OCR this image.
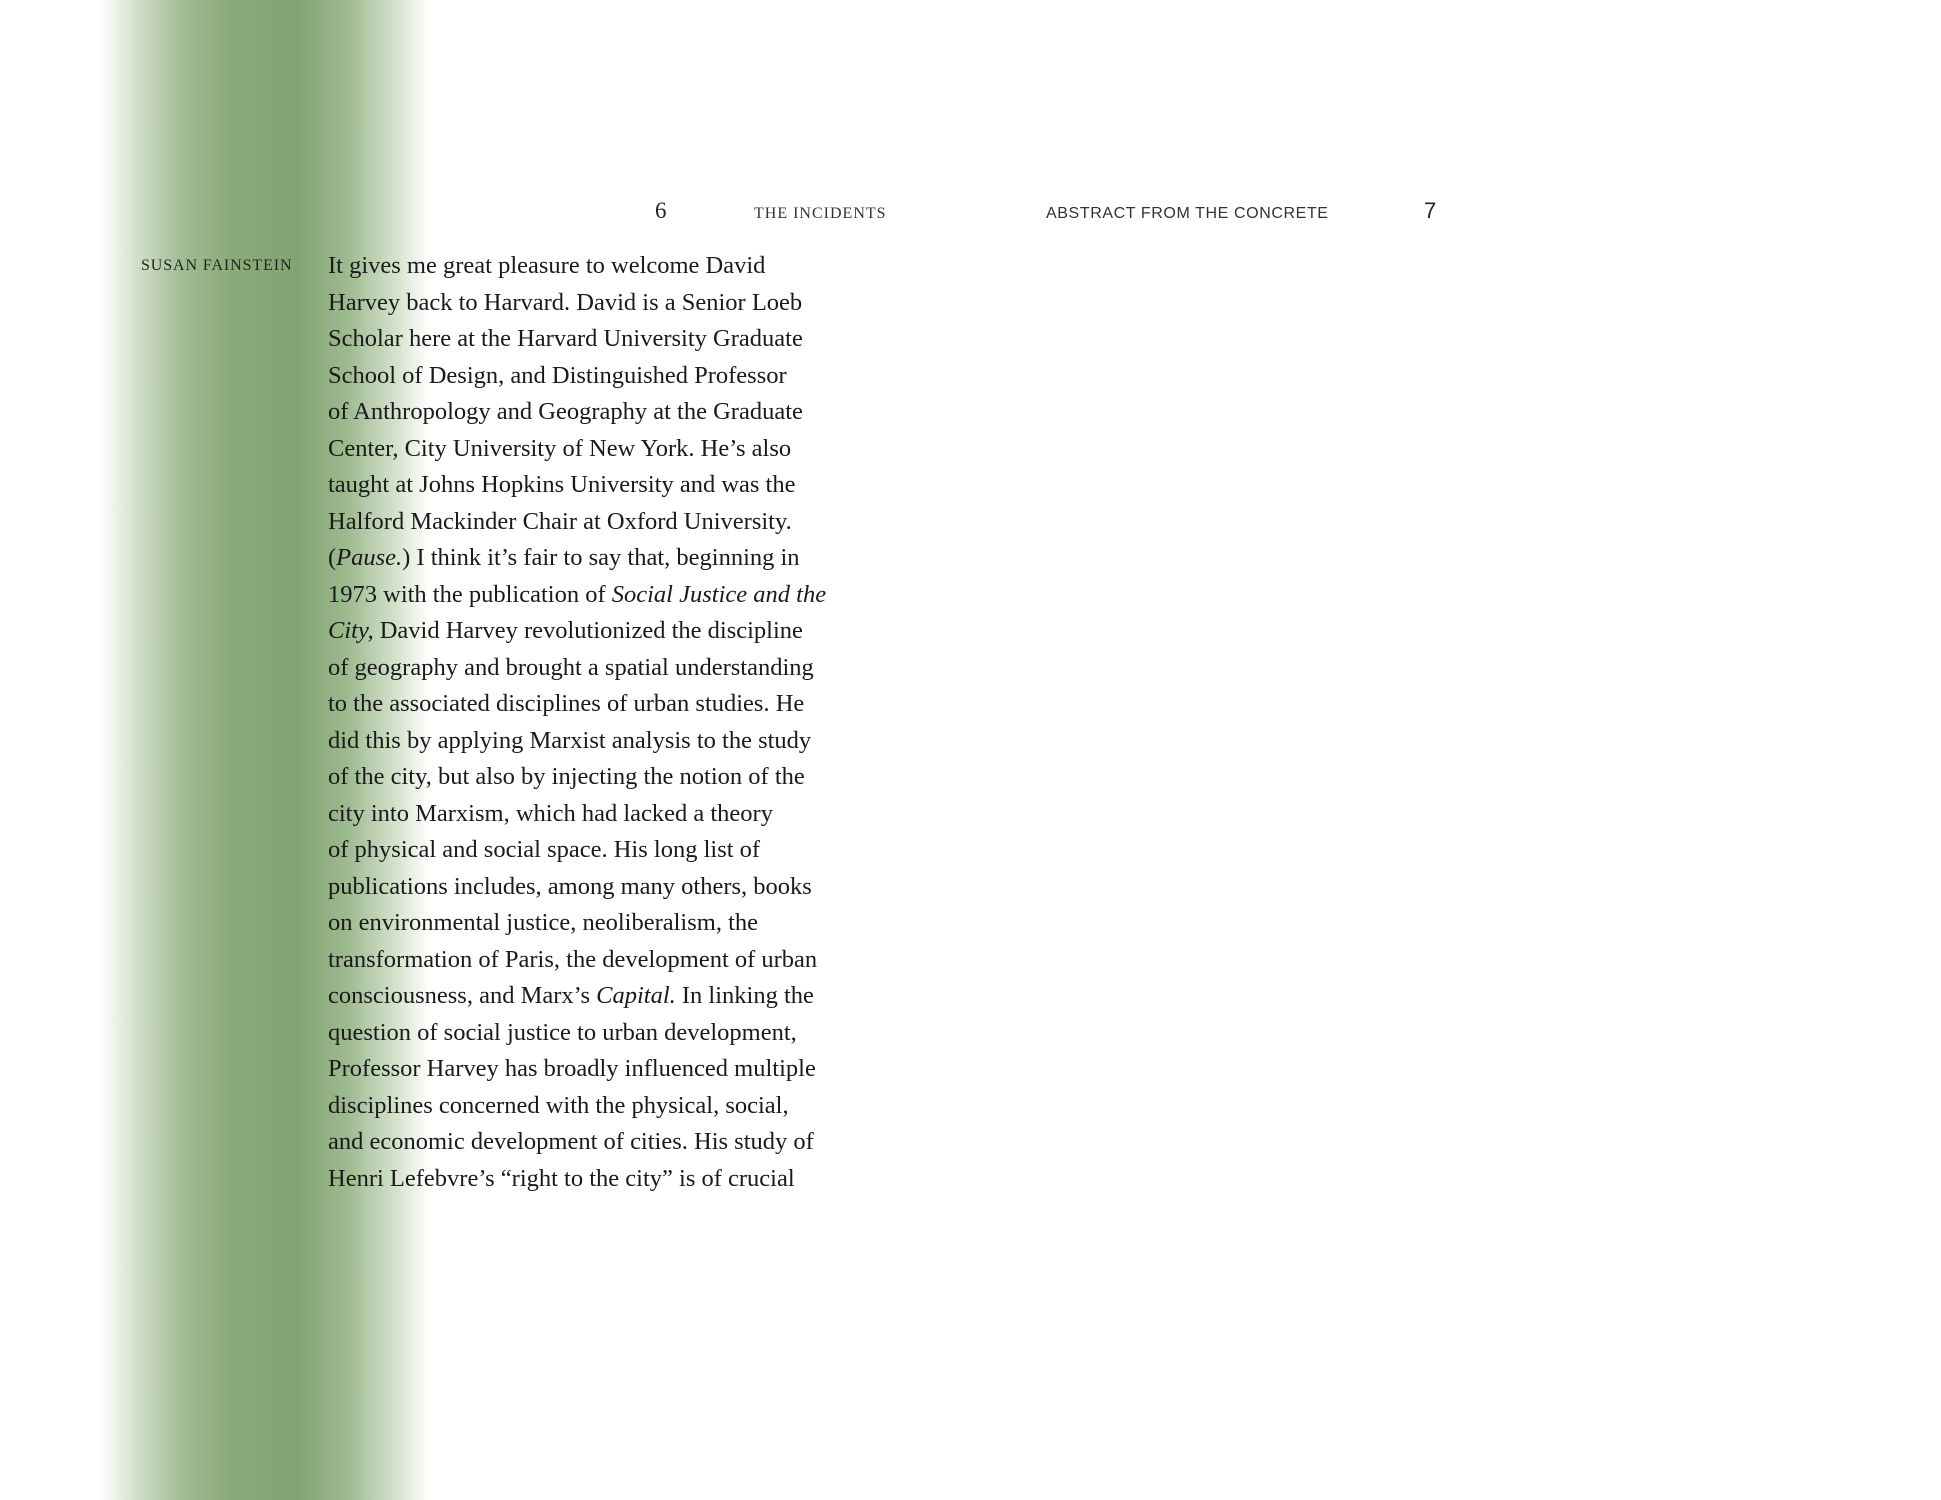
6	THE INCIDENTS	ABSTRACT FROM THE CONCRETE	7
SUSAN FAINSTEIN It gives me great pleasure to welcome David
Harvey back to Harvard. David is a Senior Loeb
Scholar here at the Harvard University Graduate
School of Design, and Distinguished Professor
of Anthropology and Geography at the Graduate
Center, City University of New York. He’s also
taught at Johns Hopkins University and was the
Halford Mackinder Chair at Oxford University.
(Pause.) I think it’s fair to say that, beginning in
1973 with the publication of Social Justice and the
City, David Harvey revolutionized the discipline
of geography and brought a spatial understanding
to the associated disciplines of urban studies. He
did this by applying Marxist analysis to the study
of the city, but also by injecting the notion of the
city into Marxism, which had lacked a theory
of physical and social space. His long list of
publications includes, among many others, books
on environmental justice, neoliberalism, the
transformation of Paris, the development of urban
consciousness, and Marx’s Capital. In linking the
question of social justice to urban development,
Professor Harvey has broadly influenced multiple
disciplines concerned with the physical, social,
and economic development of cities. His study of
Henri Lefebvre’s “right to the city” is of crucial
